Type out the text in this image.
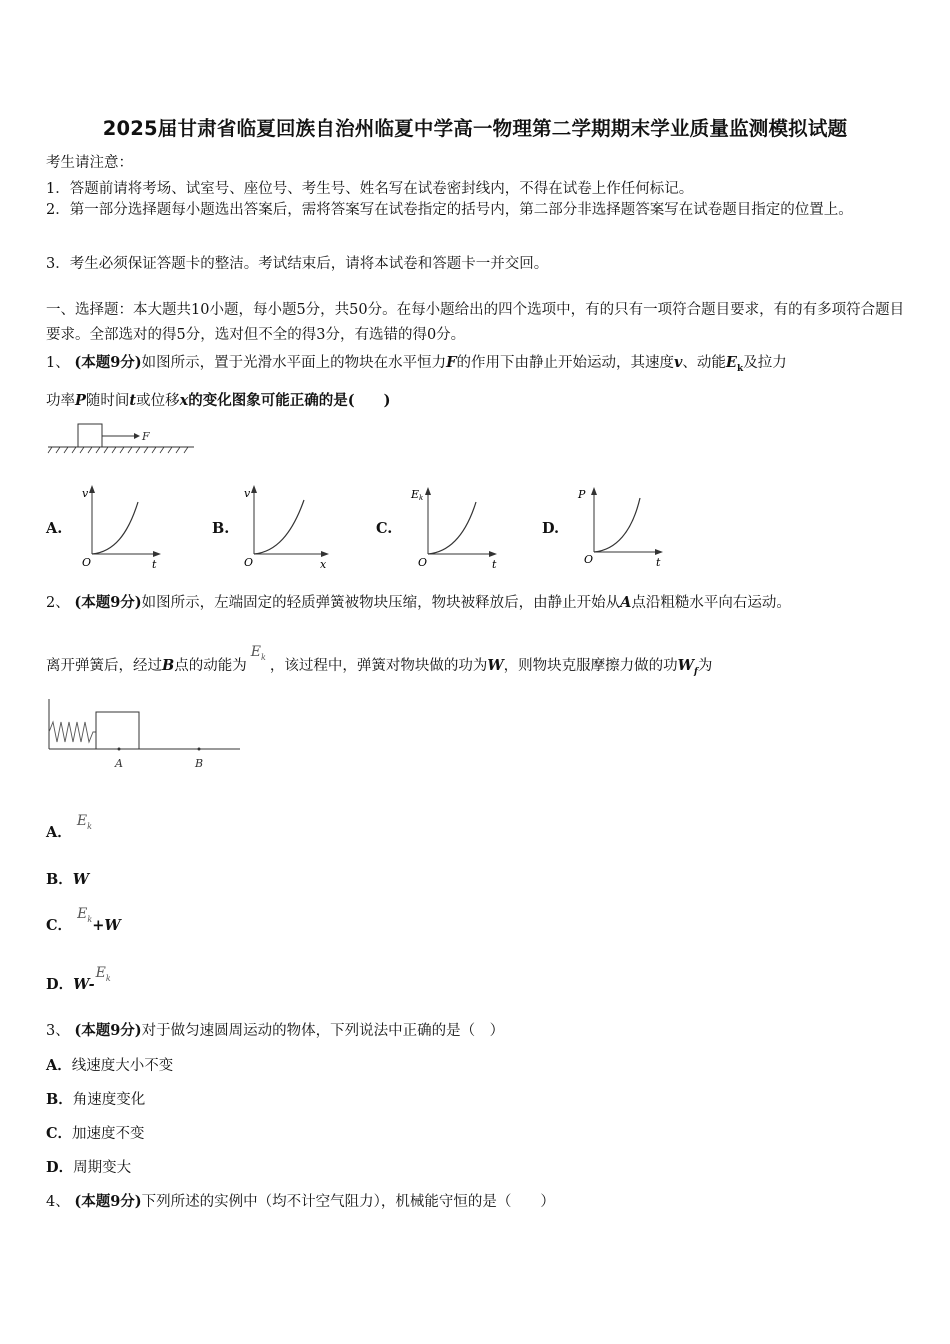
2025届甘肃省临夏回族自治州临夏中学高一物理第二学期期末学业质量监测模拟试题
考生请注意：
1．答题前请将考场、试室号、座位号、考生号、姓名写在试卷密封线内，不得在试卷上作任何标记。
2．第一部分选择题每小题选出答案后，需将答案写在试卷指定的括号内，第二部分非选择题答案写在试卷题目指定的位置上。
3．考生必须保证答题卡的整洁。考试结束后，请将本试卷和答题卡一并交回。
一、选择题：本大题共10小题，每小题5分，共50分。在每小题给出的四个选项中，有的只有一项符合题目要求，有的有多项符合题目要求。全部选对的得5分，选对但不全的得3分，有选错的得0分。
1、 (本题9分)如图所示，置于光滑水平面上的物块在水平恒力F的作用下由静止开始运动，其速度v、动能$E_k$及拉力
功率P随时间t或位移x的变化图象可能正确的是(　　 )
F
A.
v
t
O
B.
v
x
O
C.
Ek
t
O
D.
P
t
O
2、 (本题9分)如图所示，左端固定的轻质弹簧被物块压缩，物块被释放后，由静止开始从A点沿粗糙水平向右运动。
离开弹簧后，经过B点的动能为$E_k$，该过程中，弹簧对物块做的功为W，则物块克服摩擦力做的功$W_f$为
A	B
A． $E_k$
B．W
C． $E_k+W$
D．W- $E_k$
3、 (本题9分)对于做匀速圆周运动的物体，下列说法中正确的是（　）
A．线速度大小不变
B．角速度变化
C．加速度不变
D．周期变大
4、 (本题9分)下列所述的实例中（均不计空气阻力），机械能守恒的是（　　）
